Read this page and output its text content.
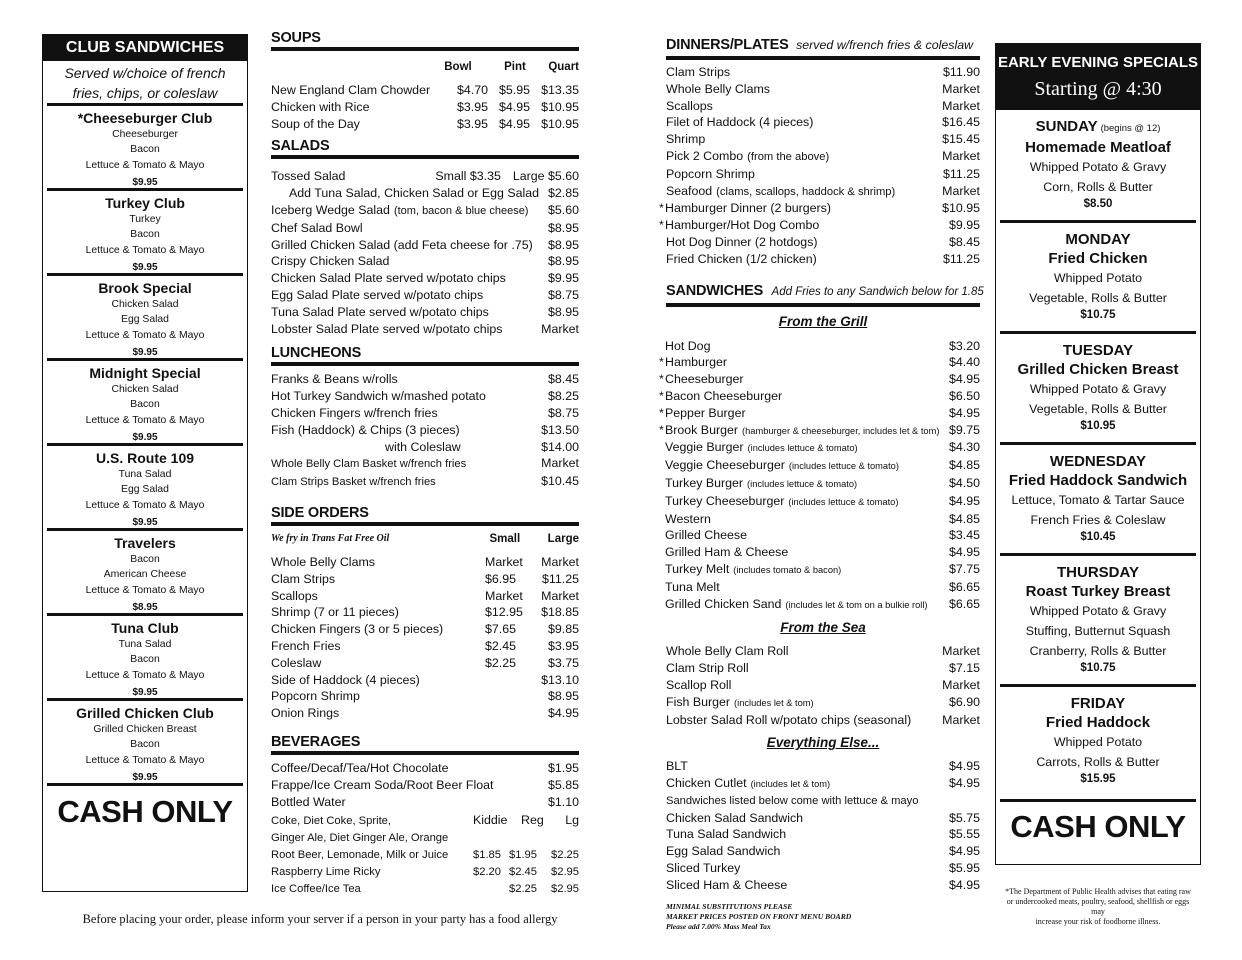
CLUB SANDWICHES
Served w/choice of french
fries, chips, or coleslaw
*Cheeseburger Club
Cheeseburger
Bacon
Lettuce & Tomato & Mayo
$9.95
Turkey Club
Turkey
Bacon
Lettuce & Tomato & Mayo
$9.95
Brook Special
Chicken Salad
Egg Salad
Lettuce & Tomato & Mayo
$9.95
Midnight Special
Chicken Salad
Bacon
Lettuce & Tomato & Mayo
$9.95
U.S. Route 109
Tuna Salad
Egg Salad
Lettuce & Tomato & Mayo
$9.95
Travelers
Bacon
American Cheese
Lettuce & Tomato & Mayo
$8.95
Tuna Club
Tuna Salad
Bacon
Lettuce & Tomato & Mayo
$9.95
Grilled Chicken Club
Grilled Chicken Breast
Bacon
Lettuce & Tomato & Mayo
$9.95
CASH ONLY
SOUPS
Bowl	Pint	Quart
New England Clam Chowder	$4.70 $5.95 $13.35
Chicken with Rice	$3.95 $4.95 $10.95
Soup of the Day	$3.95 $4.95 $10.95
SALADS
Tossed Salad	Small $3.35 Large $5.60
Add Tuna Salad, Chicken Salad or Egg Salad $2.85
Iceberg Wedge Salad (tom, bacon & blue cheese)	$5.60
Chef Salad Bowl	$8.95
Grilled Chicken Salad (add Feta cheese for .75)	$8.95
Crispy Chicken Salad	$8.95
Chicken Salad Plate served w/potato chips	$9.95
Egg Salad Plate served w/potato chips	$8.75
Tuna Salad Plate served w/potato chips	$8.95
Lobster Salad Plate served w/potato chips	Market
LUNCHEONS
Franks & Beans w/rolls	$8.45
Hot Turkey Sandwich w/mashed potato	$8.25
Chicken Fingers w/french fries	$8.75
Fish (Haddock) & Chips (3 pieces)	$13.50
with Coleslaw	$14.00
Whole Belly Clam Basket w/french fries	Market
Clam Strips Basket w/french fries	$10.45
SIDE ORDERS
We fry in Trans Fat Free Oil	Small Large
Whole Belly Clams	Market	Market
Clam Strips	$6.95	$11.25
Scallops	Market	Market
Shrimp (7 or 11 pieces)	$12.95	$18.85
Chicken Fingers (3 or 5 pieces)	$7.65	$9.85
French Fries	$2.45	$3.95
Coleslaw	$2.25	$3.75
Side of Haddock (4 pieces)	$13.10
Popcorn Shrimp	$8.95
Onion Rings	$4.95
BEVERAGES
Coffee/Decaf/Tea/Hot Chocolate	$1.95
Frappe/Ice Cream Soda/Root Beer Float	$5.85
Bottled Water	$1.10
Coke, Diet Coke, Sprite,	Kiddie	Reg	Lg
Ginger Ale, Diet Ginger Ale, Orange
Root Beer, Lemonade, Milk or Juice	$1.85 $1.95	$2.25
Raspberry Lime Ricky	$2.20 $2.45	$2.95
Ice Coffee/Ice Tea	$2.25	$2.95
Before placing your order, please inform your server if a person in your party has a food allergy
DINNERS/PLATES served w/french fries & coleslaw
Clam Strips	$11.90
Whole Belly Clams	Market
Scallops	Market
Filet of Haddock (4 pieces)	$16.45
Shrimp	$15.45
Pick 2 Combo (from the above)	Market
Popcorn Shrimp	$11.25
Seafood (clams, scallops, haddock & shrimp)	Market
*Hamburger Dinner (2 burgers)	$10.95
*Hamburger/Hot Dog Combo	$9.95
Hot Dog Dinner (2 hotdogs)	$8.45
Fried Chicken (1/2 chicken)	$11.25
SANDWICHES Add Fries to any Sandwich below for 1.85
From the Grill
Hot Dog	$3.20
*Hamburger	$4.40
*Cheeseburger	$4.95
*Bacon Cheeseburger	$6.50
*Pepper Burger	$4.95
*Brook Burger (hamburger & cheeseburger, includes let & tom) $9.75
Veggie Burger (includes lettuce & tomato)	$4.30
Veggie Cheeseburger (includes lettuce & tomato)	$4.85
Turkey Burger (includes lettuce & tomato)	$4.50
Turkey Cheeseburger (includes lettuce & tomato)	$4.95
Western	$4.85
Grilled Cheese	$3.45
Grilled Ham & Cheese	$4.95
Turkey Melt (includes tomato & bacon)	$7.75
Tuna Melt	$6.65
Grilled Chicken Sand (includes let & tom on a bulkie roll)	$6.65
From the Sea
Whole Belly Clam Roll	Market
Clam Strip Roll	$7.15
Scallop Roll	Market
Fish Burger (includes let & tom)	$6.90
Lobster Salad Roll w/potato chips (seasonal)	Market
Everything Else...
BLT	$4.95
Chicken Cutlet (includes let & tom)	$4.95
Sandwiches listed below come with lettuce & mayo
Chicken Salad Sandwich	$5.75
Tuna Salad Sandwich	$5.55
Egg Salad Sandwich	$4.95
Sliced Turkey	$5.95
Sliced Ham & Cheese	$4.95
MINIMAL SUBSTITUTIONS PLEASE
MARKET PRICES POSTED ON FRONT MENU BOARD
Please add 7.00% Mass Meal Tax
EARLY EVENING SPECIALS
Starting @ 4:30
SUNDAY (begins @ 12)
Homemade Meatloaf
Whipped Potato & Gravy
Corn, Rolls & Butter
$8.50
MONDAY
Fried Chicken
Whipped Potato
Vegetable, Rolls & Butter
$10.75
TUESDAY
Grilled Chicken Breast
Whipped Potato & Gravy
Vegetable, Rolls & Butter
$10.95
WEDNESDAY
Fried Haddock Sandwich
Lettuce, Tomato & Tartar Sauce
French Fries & Coleslaw
$10.45
THURSDAY
Roast Turkey Breast
Whipped Potato & Gravy
Stuffing, Butternut Squash
Cranberry, Rolls & Butter
$10.75
FRIDAY
Fried Haddock
Whipped Potato
Carrots, Rolls & Butter
$15.95
CASH ONLY
*The Department of Public Health advises that eating raw
or undercooked meats, poultry, seafood, shellfish or eggs may
increase your risk of foodborne illness.
